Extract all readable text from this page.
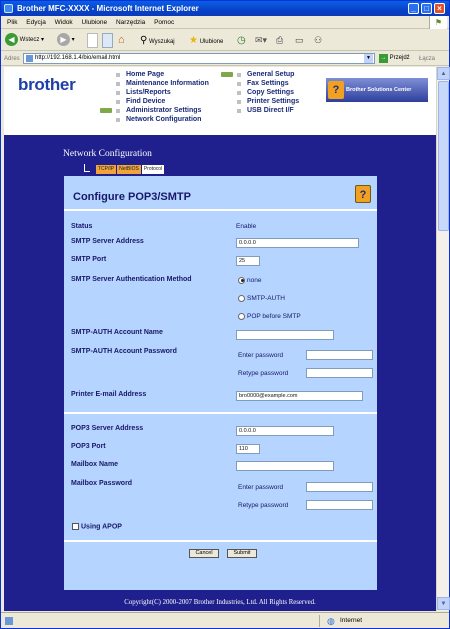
Brother MFC-XXXX - Microsoft Internet Explorer	_	□	×
Plik Edycja Widok Ulubione Narzędzia Pomoc	⚑
◀ Wstecz ▾	▶ ▾	⌂	⚲ Wyszukaj ★ Ulubione ◷	✉▾ ⎙	▭	⚇
Adres	http://192.168.1.4/bio/email.html	▼	→ Przejdź Łącza
brother
Home Page
Maintenance Information
Lists/Reports
Find Device
Administrator Settings
Network Configuration
General Setup
Fax Settings
Copy Settings
Printer Settings
USB Direct I/F
?	Brother Solutions Center
Network Configuration
TCP/IP NetBIOS Protocol
Configure POP3/SMTP	?
Status	Enable
SMTP Server Address	0.0.0.0
SMTP Port	25
SMTP Server Authentication Method	none
SMTP-AUTH
POP before SMTP
SMTP-AUTH Account Name
SMTP-AUTH Account Password
Enter password
Retype password
Printer E-mail Address	bro0000@example.com
POP3 Server Address	0.0.0.0
POP3 Port	110
Mailbox Name
Mailbox Password
Enter password
Retype password
Using APOP
Cancel	Submit
Copyright(C) 2000-2007 Brother Industries, Ltd. All Rights Reserved.
▲
▼
◍ Internet
